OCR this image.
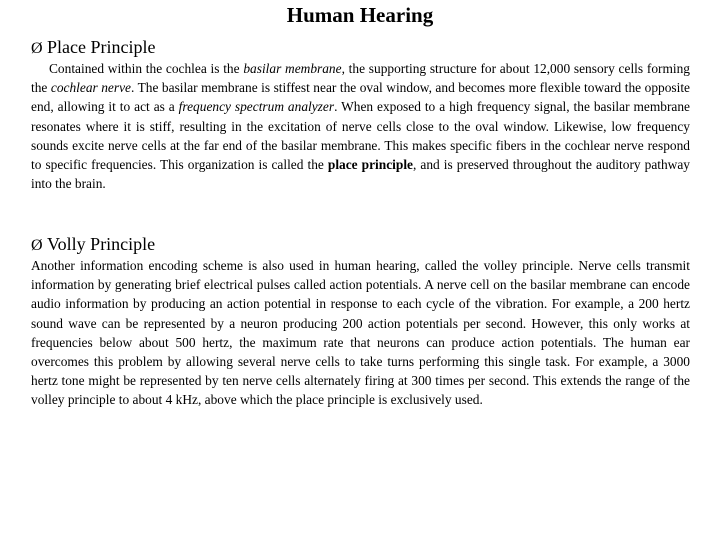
Human Hearing
Ø Place Principle

Contained within the cochlea is the basilar membrane, the supporting structure for about 12,000 sensory cells forming the cochlear nerve. The basilar membrane is stiffest near the oval window, and becomes more flexible toward the opposite end, allowing it to act as a frequency spectrum analyzer. When exposed to a high frequency signal, the basilar membrane resonates where it is stiff, resulting in the excitation of nerve cells close to the oval window. Likewise, low frequency sounds excite nerve cells at the far end of the basilar membrane. This makes specific fibers in the cochlear nerve respond to specific frequencies. This organization is called the place principle, and is preserved throughout the auditory pathway into the brain.

Ø Volly Principle

Another information encoding scheme is also used in human hearing, called the volley principle. Nerve cells transmit information by generating brief electrical pulses called action potentials. A nerve cell on the basilar membrane can encode audio information by producing an action potential in response to each cycle of the vibration. For example, a 200 hertz sound wave can be represented by a neuron producing 200 action potentials per second. However, this only works at frequencies below about 500 hertz, the maximum rate that neurons can produce action potentials. The human ear overcomes this problem by allowing several nerve cells to take turns performing this single task. For example, a 3000 hertz tone might be represented by ten nerve cells alternately firing at 300 times per second. This extends the range of the volley principle to about 4 kHz, above which the place principle is exclusively used.
